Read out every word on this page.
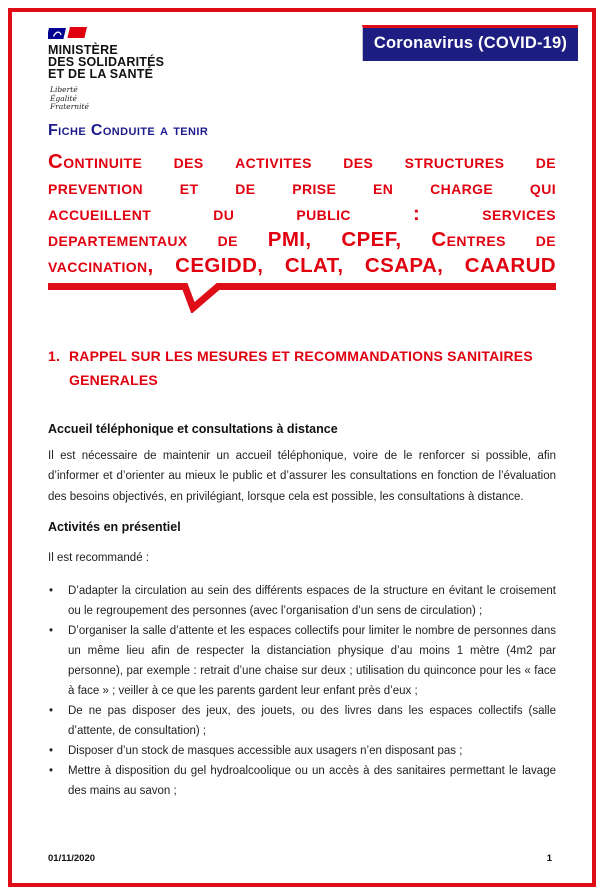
MINISTÈRE
DES SOLIDARITÉS
ET DE LA SANTÉ
Liberté
Égalité
Fraternité
Coronavirus (COVID-19)
Fiche Conduite a tenir
Continuite des activites des structures de
prevention et de prise en charge qui
accueillent du public : services
departementaux de PMI, CPEF, Centres de
vaccination, CEGIDD, CLAT, CSAPA, CAARUD
1. RAPPEL SUR LES MESURES ET RECOMMANDATIONS SANITAIRES GENERALES
Accueil téléphonique et consultations à distance

Il est nécessaire de maintenir un accueil téléphonique, voire de le renforcer si possible, afin d’informer et d’orienter au mieux le public et d’assurer les consultations en fonction de l’évaluation des besoins objectivés, en privilégiant, lorsque cela est possible, les consultations à distance.

Activités en présentiel

Il est recommandé :

• D’adapter la circulation au sein des différents espaces de la structure en évitant le croisement ou le regroupement des personnes (avec l’organisation d’un sens de circulation) ;
• D’organiser la salle d’attente et les espaces collectifs pour limiter le nombre de personnes dans un même lieu afin de respecter la distanciation physique d’au moins 1 mètre (4m2 par personne), par exemple : retrait d’une chaise sur deux ; utilisation du quinconce pour les « face à face » ; veiller à ce que les parents gardent leur enfant près d’eux ;
• De ne pas disposer des jeux, des jouets, ou des livres dans les espaces collectifs (salle d’attente, de consultation) ;
• Disposer d’un stock de masques accessible aux usagers n’en disposant pas ;
• Mettre à disposition du gel hydroalcoolique ou un accès à des sanitaires permettant le lavage des mains au savon ;
01/11/2020	1
